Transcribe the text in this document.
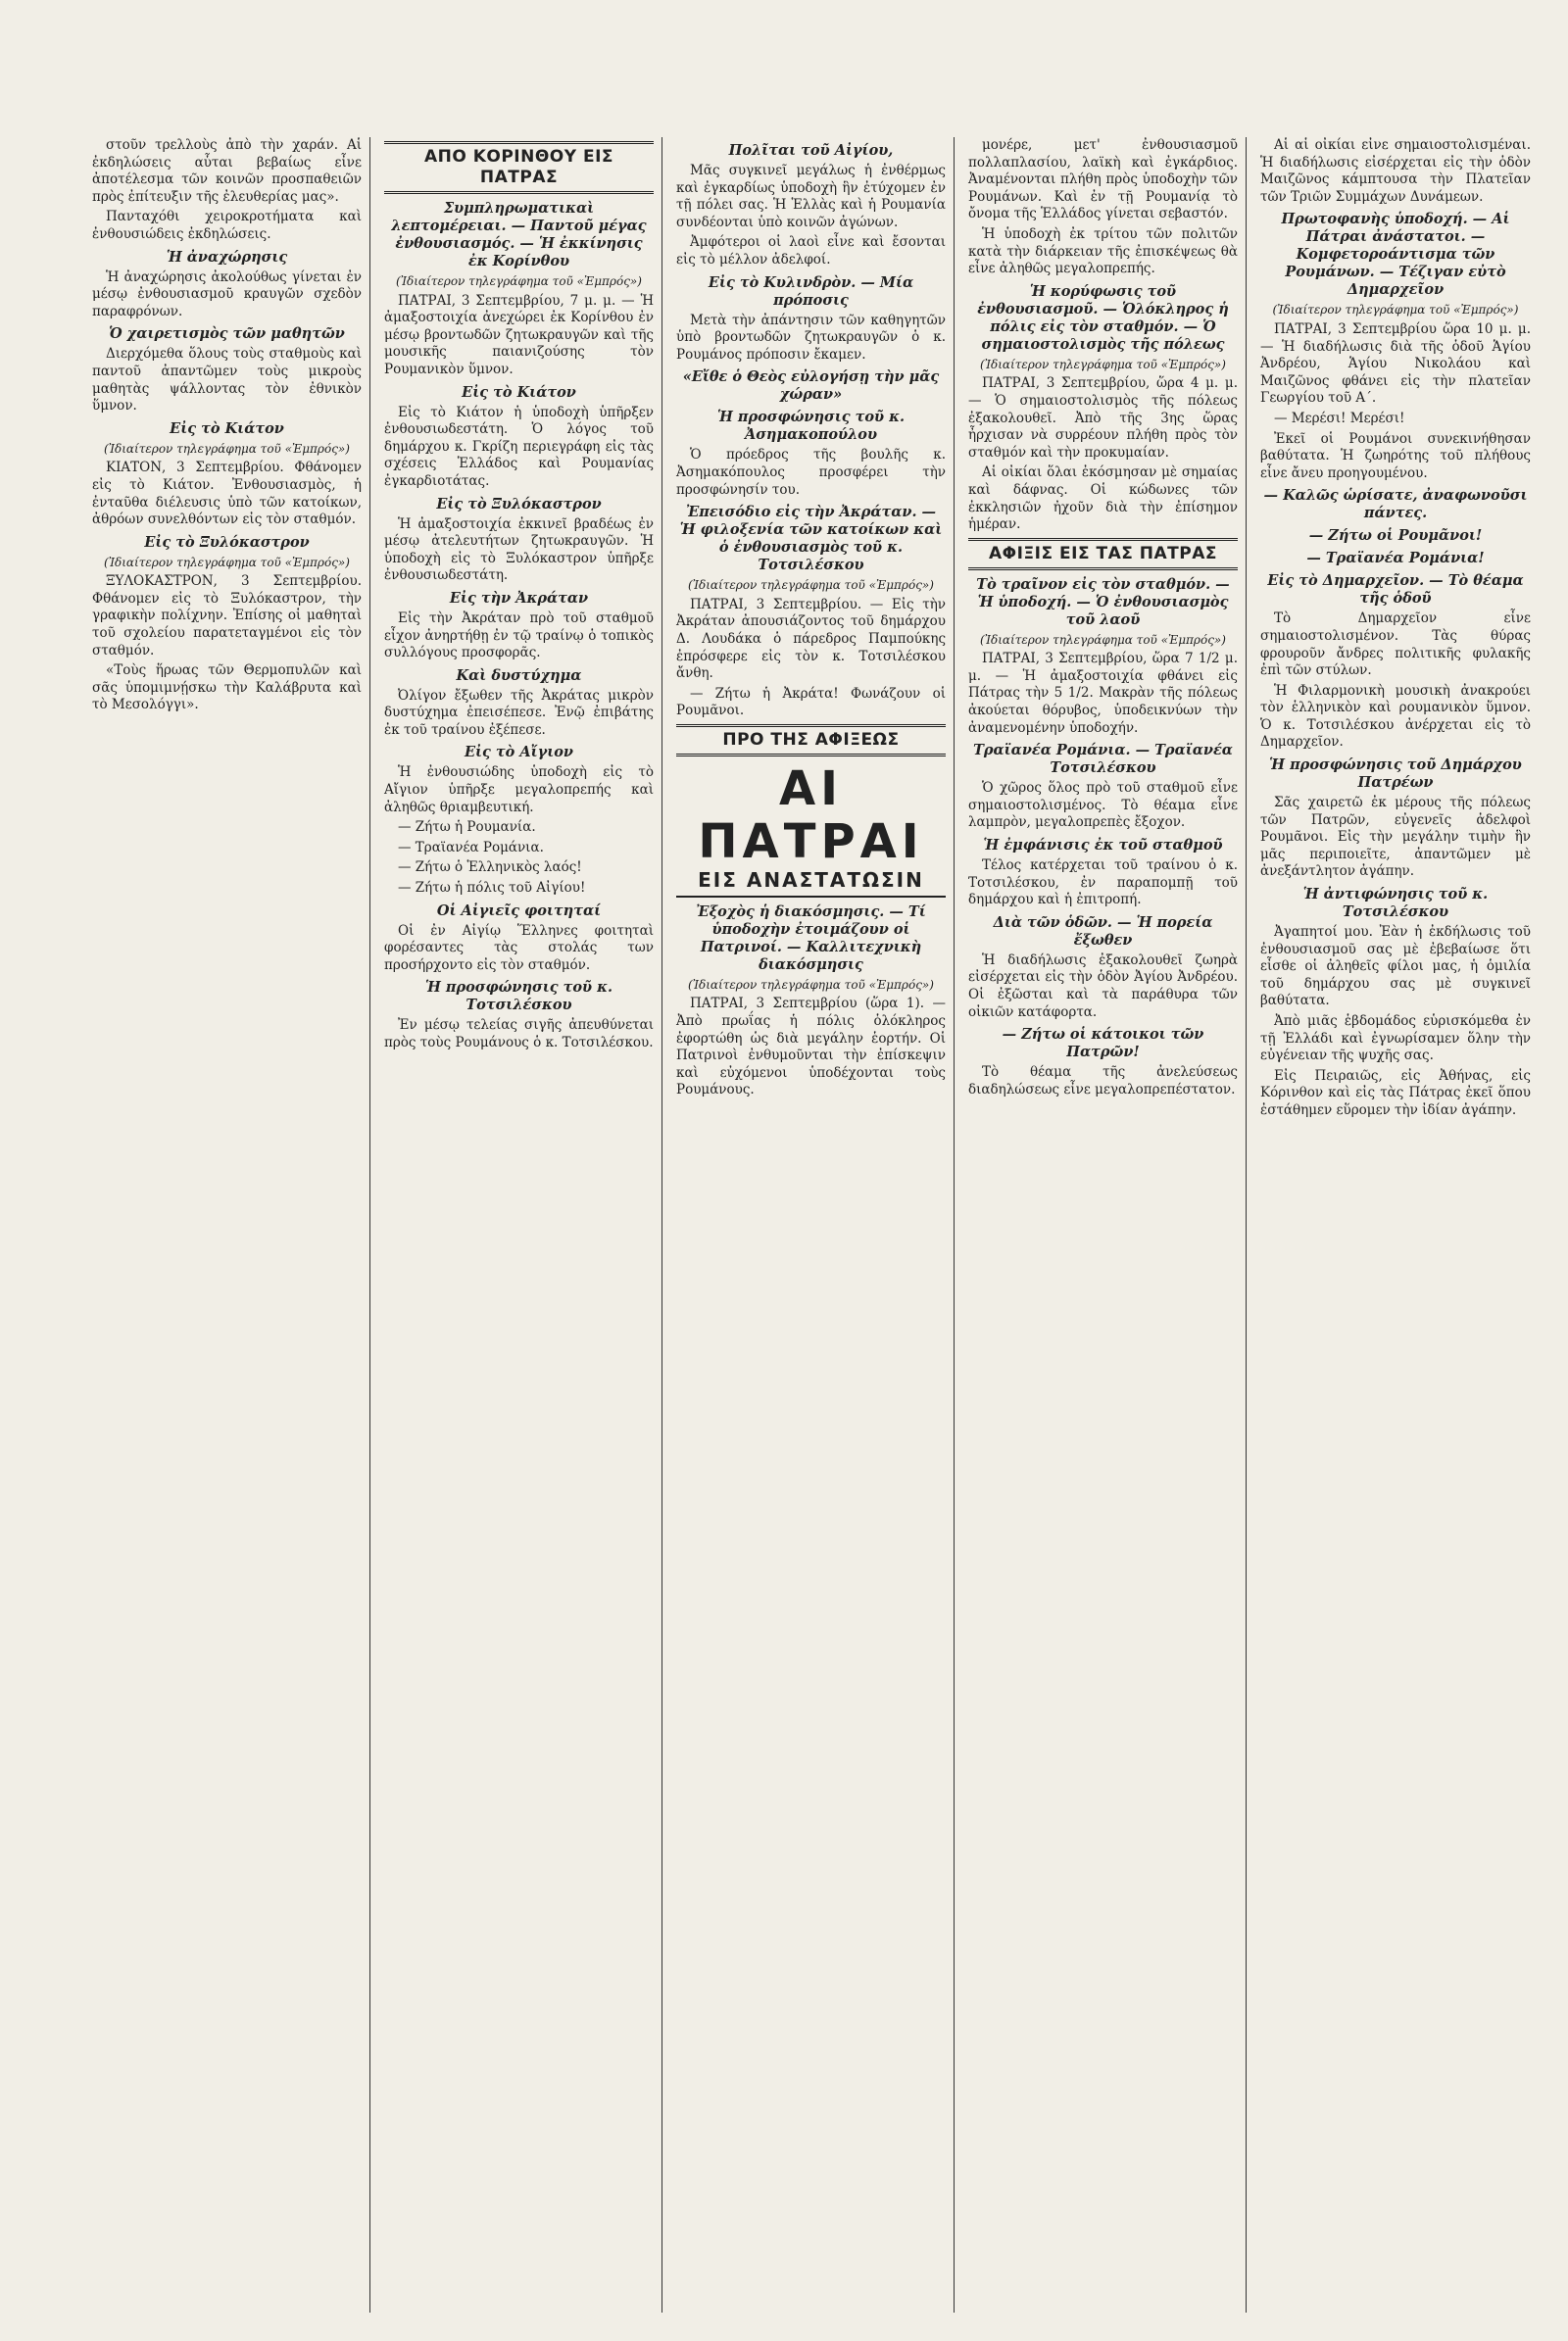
στοῦν τρελλοὺς ἀπὸ τὴν χαράν. Αἱ ἐκδηλώσεις αὗται βεβαίως εἶνε ἀποτέλεσμα τῶν κοινῶν προσπαθειῶν πρὸς ἐπίτευξιν τῆς ἐλευθερίας μας».

Πανταχόθι χειροκροτήματα καὶ ἐνθουσιώδεις ἐκδηλώσεις.

Ἡ ἀναχώρησις

Ἡ ἀναχώρησις ἀκολούθως γίνεται ἐν μέσῳ ἐνθουσιασμοῦ κραυγῶν σχεδὸν παραφρόνων.

Ὁ χαιρετισμὸς τῶν μαθητῶν

Διερχόμεθα ὅλους τοὺς σταθμοὺς καὶ παντοῦ ἀπαντῶμεν τοὺς μικροὺς μαθητὰς ψάλλοντας τὸν ἐθνικὸν ὕμνον.

Εἰς τὸ Κιάτον
(Ἰδιαίτερον τηλεγράφημα τοῦ «Ἐμπρός»)

ΚΙΑΤΟΝ, 3 Σεπτεμβρίου. Φθάνομεν εἰς τὸ Κιάτον. Ἐνθουσιασμὸς, ἡ ἐνταῦθα διέλευσις ὑπὸ τῶν κατοίκων, ἀθρόων συνελθόντων εἰς τὸν σταθμόν.

Εἰς τὸ Ξυλόκαστρον
(Ἰδιαίτερον τηλεγράφημα τοῦ «Ἐμπρός»)

ΞΥΛΟΚΑΣΤΡΟΝ, 3 Σεπτεμβρίου. Φθάνομεν εἰς τὸ Ξυλόκαστρον, τὴν γραφικὴν πολίχνην. Ἐπίσης οἱ μαθηταὶ τοῦ σχολείου παρατεταγμένοι εἰς τὸν σταθμόν.

«Τοὺς ἥρωας τῶν Θερμοπυλῶν καὶ σᾶς ὑπομιμνῄσκω τὴν Καλάβρυτα καὶ τὸ Μεσολόγγι».

ΑΠΟ ΚΟΡΙΝΘΟΥ ΕΙΣ ΠΑΤΡΑΣ
Συμπληρωματικαὶ λεπτομέρειαι. — Παντοῦ μέγας ἐνθουσιασμός. — Ἡ ἐκκίνησις ἐκ Κορίνθου
(Ἰδιαίτερον τηλεγράφημα τοῦ «Ἐμπρός»)

ΠΑΤΡΑΙ, 3 Σεπτεμβρίου, 7 μ. μ. — Ἡ ἀμαξοστοιχία ἀνεχώρει ἐκ Κορίνθου ἐν μέσῳ βροντωδῶν ζητωκραυγῶν καὶ τῆς μουσικῆς παιανιζούσης τὸν Ρουμανικὸν ὕμνον.

Εἰς τὸ Κιάτον

Εἰς τὸ Κιάτον ἡ ὑποδοχὴ ὑπῆρξεν ἐνθουσιωδεστάτη. Ὁ λόγος τοῦ δημάρχου κ. Γκρίζη περιεγράφη εἰς τὰς σχέσεις Ἑλλάδος καὶ Ρουμανίας ἐγκαρδιοτάτας.

Εἰς τὸ Ξυλόκαστρον

Ἡ ἀμαξοστοιχία ἐκκινεῖ βραδέως ἐν μέσῳ ἀτελευτήτων ζητωκραυγῶν. Ἡ ὑποδοχὴ εἰς τὸ Ξυλόκαστρον ὑπῆρξε ἐνθουσιωδεστάτη.

Εἰς τὴν Ἀκράταν

Εἰς τὴν Ἀκράταν πρὸ τοῦ σταθμοῦ εἶχον ἀνηρτήθῃ ἐν τῷ τραίνῳ ὁ τοπικὸς συλλόγους προσφορᾶς.

Καὶ δυστύχημα

Ὀλίγον ἔξωθεν τῆς Ἀκράτας μικρὸν δυστύχημα ἐπεισέπεσε. Ἐνῷ ἐπιβάτης ἐκ τοῦ τραίνου ἐξέπεσε.

Εἰς τὸ Αἴγιον

Ἡ ἐνθουσιώδης ὑποδοχὴ εἰς τὸ Αἴγιον ὑπῆρξε μεγαλοπρεπής καὶ ἀληθῶς θριαμβευτική.

— Ζήτω ἡ Ρουμανία.

— Τραϊανέα Ρομάνια.

— Ζήτω ὁ Ἑλληνικὸς λαός!

— Ζήτω ἡ πόλις τοῦ Αἰγίου!

Οἱ Αἰγιεῖς φοιτηταί

Οἱ ἐν Αἰγίῳ Ἕλληνες φοιτηταὶ φορέσαντες τὰς στολάς των προσήρχοντο εἰς τὸν σταθμόν.

Ἡ προσφώνησις τοῦ κ. Τοτσιλέσκου

Ἐν μέσῳ τελείας σιγῆς ἀπευθύνεται πρὸς τοὺς Ρουμάνους ὁ κ. Τοτσιλέσκου.

Πολῖται τοῦ Αἰγίου,

Μᾶς συγκινεῖ μεγάλως ἡ ἐνθέρμως καὶ ἐγκαρδίως ὑποδοχὴ ἣν ἐτύχομεν ἐν τῇ πόλει σας. Ἡ Ἑλλὰς καὶ ἡ Ρουμανία συνδέονται ὑπὸ κοινῶν ἀγώνων.

Ἀμφότεροι οἱ λαοὶ εἶνε καὶ ἔσονται εἰς τὸ μέλλον ἀδελφοί.

Εἰς τὸ Κυλινδρὸν. — Μία πρόποσις

Μετὰ τὴν ἀπάντησιν τῶν καθηγητῶν ὑπὸ βροντωδῶν ζητωκραυγῶν ὁ κ. Ρουμάνος πρόποσιν ἔκαμεν.

«Εἴθε ὁ Θεὸς εὐλογήσῃ τὴν μᾶς χώραν»
Ἡ προσφώνησις τοῦ κ. Ἀσημακοπούλου

Ὁ πρόεδρος τῆς βουλῆς κ. Ἀσημακόπουλος προσφέρει τὴν προσφώνησίν του.

Ἐπεισόδιο εἰς τὴν Ἀκράταν. — Ἡ φιλοξενία τῶν κατοίκων καὶ ὁ ἐνθουσιασμὸς τοῦ κ. Τοτσιλέσκου
(Ἰδιαίτερον τηλεγράφημα τοῦ «Ἐμπρός»)

ΠΑΤΡΑΙ, 3 Σεπτεμβρίου. — Εἰς τὴν Ἀκράταν ἀπουσιάζοντος τοῦ δημάρχου Δ. Λουδάκα ὁ πάρεδρος Παμπούκης ἐπρόσφερε εἰς τὸν κ. Τοτσιλέσκου ἄνθη.

— Ζήτω ἡ Ἀκράτα! Φωνάζουν οἱ Ρουμᾶνοι.

ΠΡΟ ΤΗΣ ΑΦΙΞΕΩΣ
ΑΙ ΠΑΤΡΑΙ
ΕΙΣ ΑΝΑΣΤΑΤΩΣΙΝ
Ἐξοχὸς ἡ διακόσμησις. — Τί ὑποδοχὴν ἐτοιμάζουν οἱ Πατρινοί. — Καλλιτεχνικὴ διακόσμησις
(Ἰδιαίτερον τηλεγράφημα τοῦ «Ἐμπρός»)

ΠΑΤΡΑΙ, 3 Σεπτεμβρίου (ὥρα 1). — Ἀπὸ πρωΐας ἡ πόλις ὁλόκληρος ἐφορτώθη ὡς διὰ μεγάλην ἑορτήν. Οἱ Πατρινοὶ ἐνθυμοῦνται τὴν ἐπίσκεψιν καὶ εὐχόμενοι ὑποδέχονται τοὺς Ρουμάνους.

μονέρε, μετ' ἐνθουσιασμοῦ πολλαπλασίου, λαϊκὴ καὶ ἐγκάρδιος. Ἀναμένονται πλήθη πρὸς ὑποδοχὴν τῶν Ρουμάνων. Καὶ ἐν τῇ Ρουμανίᾳ τὸ ὄνομα τῆς Ἑλλάδος γίνεται σεβαστόν.

Ἡ ὑποδοχὴ ἐκ τρίτου τῶν πολιτῶν κατὰ τὴν διάρκειαν τῆς ἐπισκέψεως θὰ εἶνε ἀληθῶς μεγαλοπρεπής.

Ἡ κορύφωσις τοῦ ἐνθουσιασμοῦ. — Ὁλόκληρος ἡ πόλις εἰς τὸν σταθμόν. — Ὁ σημαιοστολισμὸς τῆς πόλεως
(Ἰδιαίτερον τηλεγράφημα τοῦ «Ἐμπρός»)

ΠΑΤΡΑΙ, 3 Σεπτεμβρίου, ὥρα 4 μ. μ. — Ὁ σημαιοστολισμὸς τῆς πόλεως ἐξακολουθεῖ. Ἀπὸ τῆς 3ης ὥρας ἦρχισαν νὰ συρρέουν πλήθη πρὸς τὸν σταθμόν καὶ τὴν προκυμαίαν.

Αἱ οἰκίαι ὅλαι ἐκόσμησαν μὲ σημαίας καὶ δάφνας. Οἱ κώδωνες τῶν ἐκκλησιῶν ἠχοῦν διὰ τὴν ἐπίσημον ἡμέραν.

ΑΦΙΞΙΣ ΕΙΣ ΤΑΣ ΠΑΤΡΑΣ
Τὸ τραῖνον εἰς τὸν σταθμόν. — Ἡ ὑποδοχή. — Ὁ ἐνθουσιασμὸς τοῦ λαοῦ
(Ἰδιαίτερον τηλεγράφημα τοῦ «Ἐμπρός»)

ΠΑΤΡΑΙ, 3 Σεπτεμβρίου, ὥρα 7 1/2 μ. μ. — Ἡ ἀμαξοστοιχία φθάνει εἰς Πάτρας τὴν 5 1/2. Μακρὰν τῆς πόλεως ἀκούεται θόρυβος, ὑποδεικνύων τὴν ἀναμενομένην ὑποδοχήν.

Τραϊανέα Ρομάνια. — Τραϊανέα Τοτσιλέσκου

Ὁ χῶρος ὅλος πρὸ τοῦ σταθμοῦ εἶνε σημαιοστολισμένος. Τὸ θέαμα εἶνε λαμπρὸν, μεγαλοπρεπὲς ἔξοχον.

Ἡ ἐμφάνισις ἐκ τοῦ σταθμοῦ

Τέλος κατέρχεται τοῦ τραίνου ὁ κ. Τοτσιλέσκου, ἐν παραπομπῇ τοῦ δημάρχου καὶ ἡ ἐπιτροπή.

Διὰ τῶν ὁδῶν. — Ἡ πορεία ἔξωθεν

Ἡ διαδήλωσις ἐξακολουθεῖ ζωηρὰ εἰσέρχεται εἰς τὴν ὁδὸν Ἀγίου Ἀνδρέου. Οἱ ἐξῶσται καὶ τὰ παράθυρα τῶν οἰκιῶν κατάφορτα.

— Ζήτω οἱ κάτοικοι τῶν Πατρῶν!

Τὸ θέαμα τῆς ἀνελεύσεως διαδηλώσεως εἶνε μεγαλοπρεπέστατον.

Αἱ αἱ οἰκίαι εἶνε σημαιοστολισμέναι. Ἡ διαδήλωσις εἰσέρχεται εἰς τὴν ὁδὸν Μαιζῶνος κάμπτουσα τὴν Πλατεῖαν τῶν Τριῶν Συμμάχων Δυνάμεων.

Πρωτοφανὴς ὑποδοχή. — Αἱ Πάτραι ἀνάστατοι. — Κομφετοροάντισμα τῶν Ρουμάνων. — Τέζιγαν εὐτὸ Δημαρχεῖον
(Ἰδιαίτερον τηλεγράφημα τοῦ «Ἐμπρός»)

ΠΑΤΡΑΙ, 3 Σεπτεμβρίου ὥρα 10 μ. μ. — Ἡ διαδήλωσις διὰ τῆς ὁδοῦ Ἁγίου Ἀνδρέου, Ἁγίου Νικολάου καὶ Μαιζῶνος φθάνει εἰς τὴν πλατεῖαν Γεωργίου τοῦ Α΄.

— Μερέσι! Μερέσι!

Ἐκεῖ οἱ Ρουμάνοι συνεκινήθησαν βαθύτατα. Ἡ ζωηρότης τοῦ πλήθους εἶνε ἄνευ προηγουμένου.

— Καλῶς ὡρίσατε, ἀναφωνοῦσι πάντες.
— Ζήτω οἱ Ρουμᾶνοι!
— Τραϊανέα Ρομάνια!
Εἰς τὸ Δημαρχεῖον. — Τὸ θέαμα τῆς ὁδοῦ

Τὸ Δημαρχεῖον εἶνε σημαιοστολισμένον. Τὰς θύρας φρουροῦν ἄνδρες πολιτικῆς φυλακῆς ἐπὶ τῶν στύλων.

Ἡ Φιλαρμονικὴ μουσικὴ ἀνακρούει τὸν ἑλληνικὸν καὶ ρουμανικὸν ὕμνον. Ὁ κ. Τοτσιλέσκου ἀνέρχεται εἰς τὸ Δημαρχεῖον.

Ἡ προσφώνησις τοῦ Δημάρχου Πατρέων

Σᾶς χαιρετῶ ἐκ μέρους τῆς πόλεως τῶν Πατρῶν, εὐγενεῖς ἀδελφοὶ Ρουμᾶνοι. Εἰς τὴν μεγάλην τιμὴν ἣν μᾶς περιποιεῖτε, ἀπαντῶμεν μὲ ἀνεξάντλητον ἀγάπην.

Ἡ ἀντιφώνησις τοῦ κ. Τοτσιλέσκου

Ἀγαπητοί μου. Ἐὰν ἡ ἐκδήλωσις τοῦ ἐνθουσιασμοῦ σας μὲ ἐβεβαίωσε ὅτι εἶσθε οἱ ἀληθεῖς φίλοι μας, ἡ ὁμιλία τοῦ δημάρχου σας μὲ συγκινεῖ βαθύτατα.

Ἀπὸ μιᾶς ἑβδομάδος εὑρισκόμεθα ἐν τῇ Ἑλλάδι καὶ ἐγνωρίσαμεν ὅλην τὴν εὐγένειαν τῆς ψυχῆς σας.

Εἰς Πειραιῶς, εἰς Ἀθήνας, εἰς Κόρινθον καὶ εἰς τὰς Πάτρας ἐκεῖ ὅπου ἐστάθημεν εὕρομεν τὴν ἰδίαν ἀγάπην.
